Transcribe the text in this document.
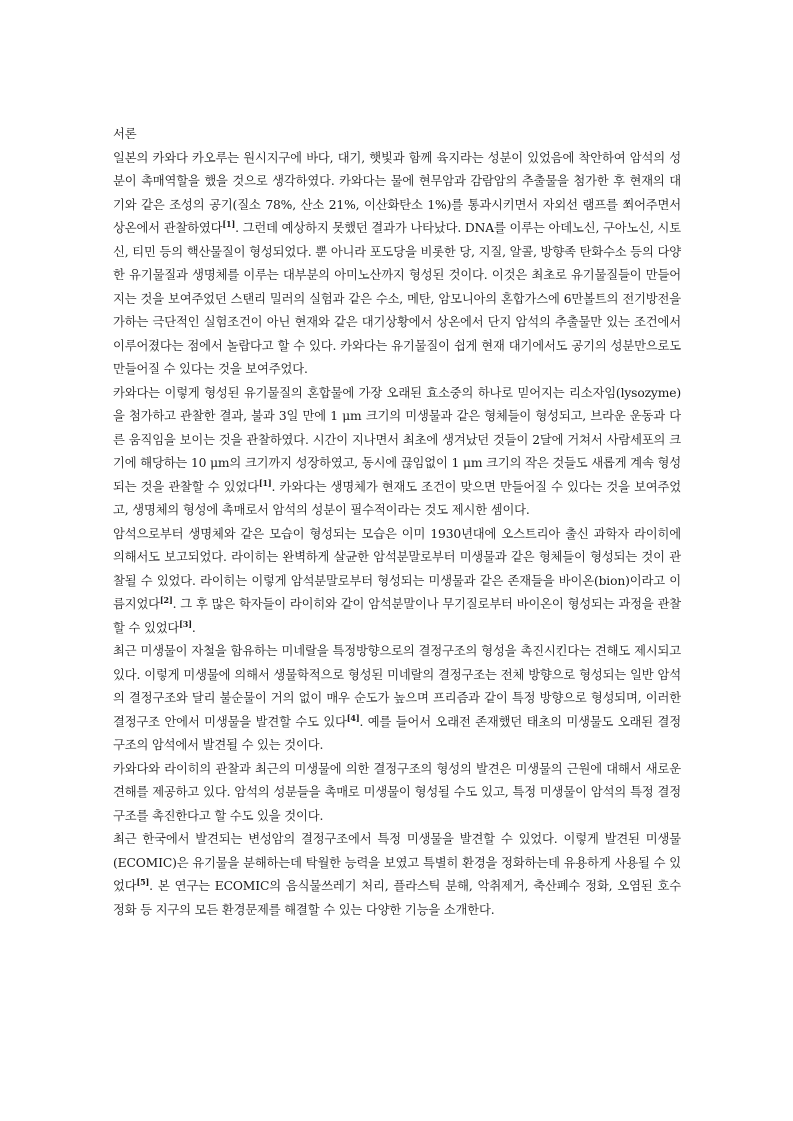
서론

일본의 카와다 카오루는 원시지구에 바다, 대기, 햇빛과 함께 육지라는 성분이 있었음에 착안하여 암석의 성분이 촉매역할을 했을 것으로 생각하였다. 카와다는 물에 현무암과 감람암의 추출물을 첨가한 후 현재의 대기와 같은 조성의 공기(질소 78%, 산소 21%, 이산화탄소 1%)를 통과시키면서 자외선 램프를 쬐어주면서 상온에서 관찰하였다[1]. 그런데 예상하지 못했던 결과가 나타났다. DNA를 이루는 아데노신, 구아노신, 시토신, 티민 등의 핵산물질이 형성되었다. 뿐 아니라 포도당을 비롯한 당, 지질, 알콜, 방향족 탄화수소 등의 다양한 유기물질과 생명체를 이루는 대부분의 아미노산까지 형성된 것이다. 이것은 최초로 유기물질들이 만들어지는 것을 보여주었던 스탠리 밀러의 실험과 같은 수소, 메탄, 암모니아의 혼합가스에 6만볼트의 전기방전을 가하는 극단적인 실험조건이 아닌 현재와 같은 대기상황에서 상온에서 단지 암석의 추출물만 있는 조건에서 이루어졌다는 점에서 놀랍다고 할 수 있다. 카와다는 유기물질이 쉽게 현재 대기에서도 공기의 성분만으로도 만들어질 수 있다는 것을 보여주었다.

카와다는 이렇게 형성된 유기물질의 혼합물에 가장 오래된 효소중의 하나로 믿어지는 리소자임(lysozyme)을 첨가하고 관찰한 결과, 불과 3일 만에 1 μm 크기의 미생물과 같은 형체들이 형성되고, 브라운 운동과 다른 움직임을 보이는 것을 관찰하였다. 시간이 지나면서 최초에 생겨났던 것들이 2달에 거쳐서 사람세포의 크기에 해당하는 10 μm의 크기까지 성장하였고, 동시에 끊임없이 1 μm 크기의 작은 것들도 새롭게 계속 형성되는 것을 관찰할 수 있었다[1]. 카와다는 생명체가 현재도 조건이 맞으면 만들어질 수 있다는 것을 보여주었고, 생명체의 형성에 촉매로서 암석의 성분이 필수적이라는 것도 제시한 셈이다.

암석으로부터 생명체와 같은 모습이 형성되는 모습은 이미 1930년대에 오스트리아 출신 과학자 라이히에 의해서도 보고되었다. 라이히는 완벽하게 살균한 암석분말로부터 미생물과 같은 형체들이 형성되는 것이 관찰될 수 있었다. 라이히는 이렇게 암석분말로부터 형성되는 미생물과 같은 존재들을 바이온(bion)이라고 이름지었다[2]. 그 후 많은 학자들이 라이히와 같이 암석분말이나 무기질로부터 바이온이 형성되는 과정을 관찰할 수 있었다[3].

최근 미생물이 자철을 함유하는 미네랄을 특정방향으로의 결정구조의 형성을 촉진시킨다는 견해도 제시되고 있다. 이렇게 미생물에 의해서 생물학적으로 형성된 미네랄의 결정구조는 전체 방향으로 형성되는 일반 암석의 결정구조와 달리 불순물이 거의 없이 매우 순도가 높으며 프리즘과 같이 특정 방향으로 형성되며, 이러한 결정구조 안에서 미생물을 발견할 수도 있다[4]. 예를 들어서 오래전 존재했던 태초의 미생물도 오래된 결정구조의 암석에서 발견될 수 있는 것이다.

카와다와 라이히의 관찰과 최근의 미생물에 의한 결정구조의 형성의 발견은 미생물의 근원에 대해서 새로운 견해를 제공하고 있다. 암석의 성분들을 촉매로 미생물이 형성될 수도 있고, 특정 미생물이 암석의 특정 결정구조를 촉진한다고 할 수도 있을 것이다.

최근 한국에서 발견되는 변성암의 결정구조에서 특정 미생물을 발견할 수 있었다. 이렇게 발견된 미생물(ECOMIC)은 유기물을 분해하는데 탁월한 능력을 보였고 특별히 환경을 정화하는데 유용하게 사용될 수 있었다[5]. 본 연구는 ECOMIC의 음식물쓰레기 처리, 플라스틱 분해, 악취제거, 축산폐수 정화, 오염된 호수 정화 등 지구의 모든 환경문제를 해결할 수 있는 다양한 기능을 소개한다.
